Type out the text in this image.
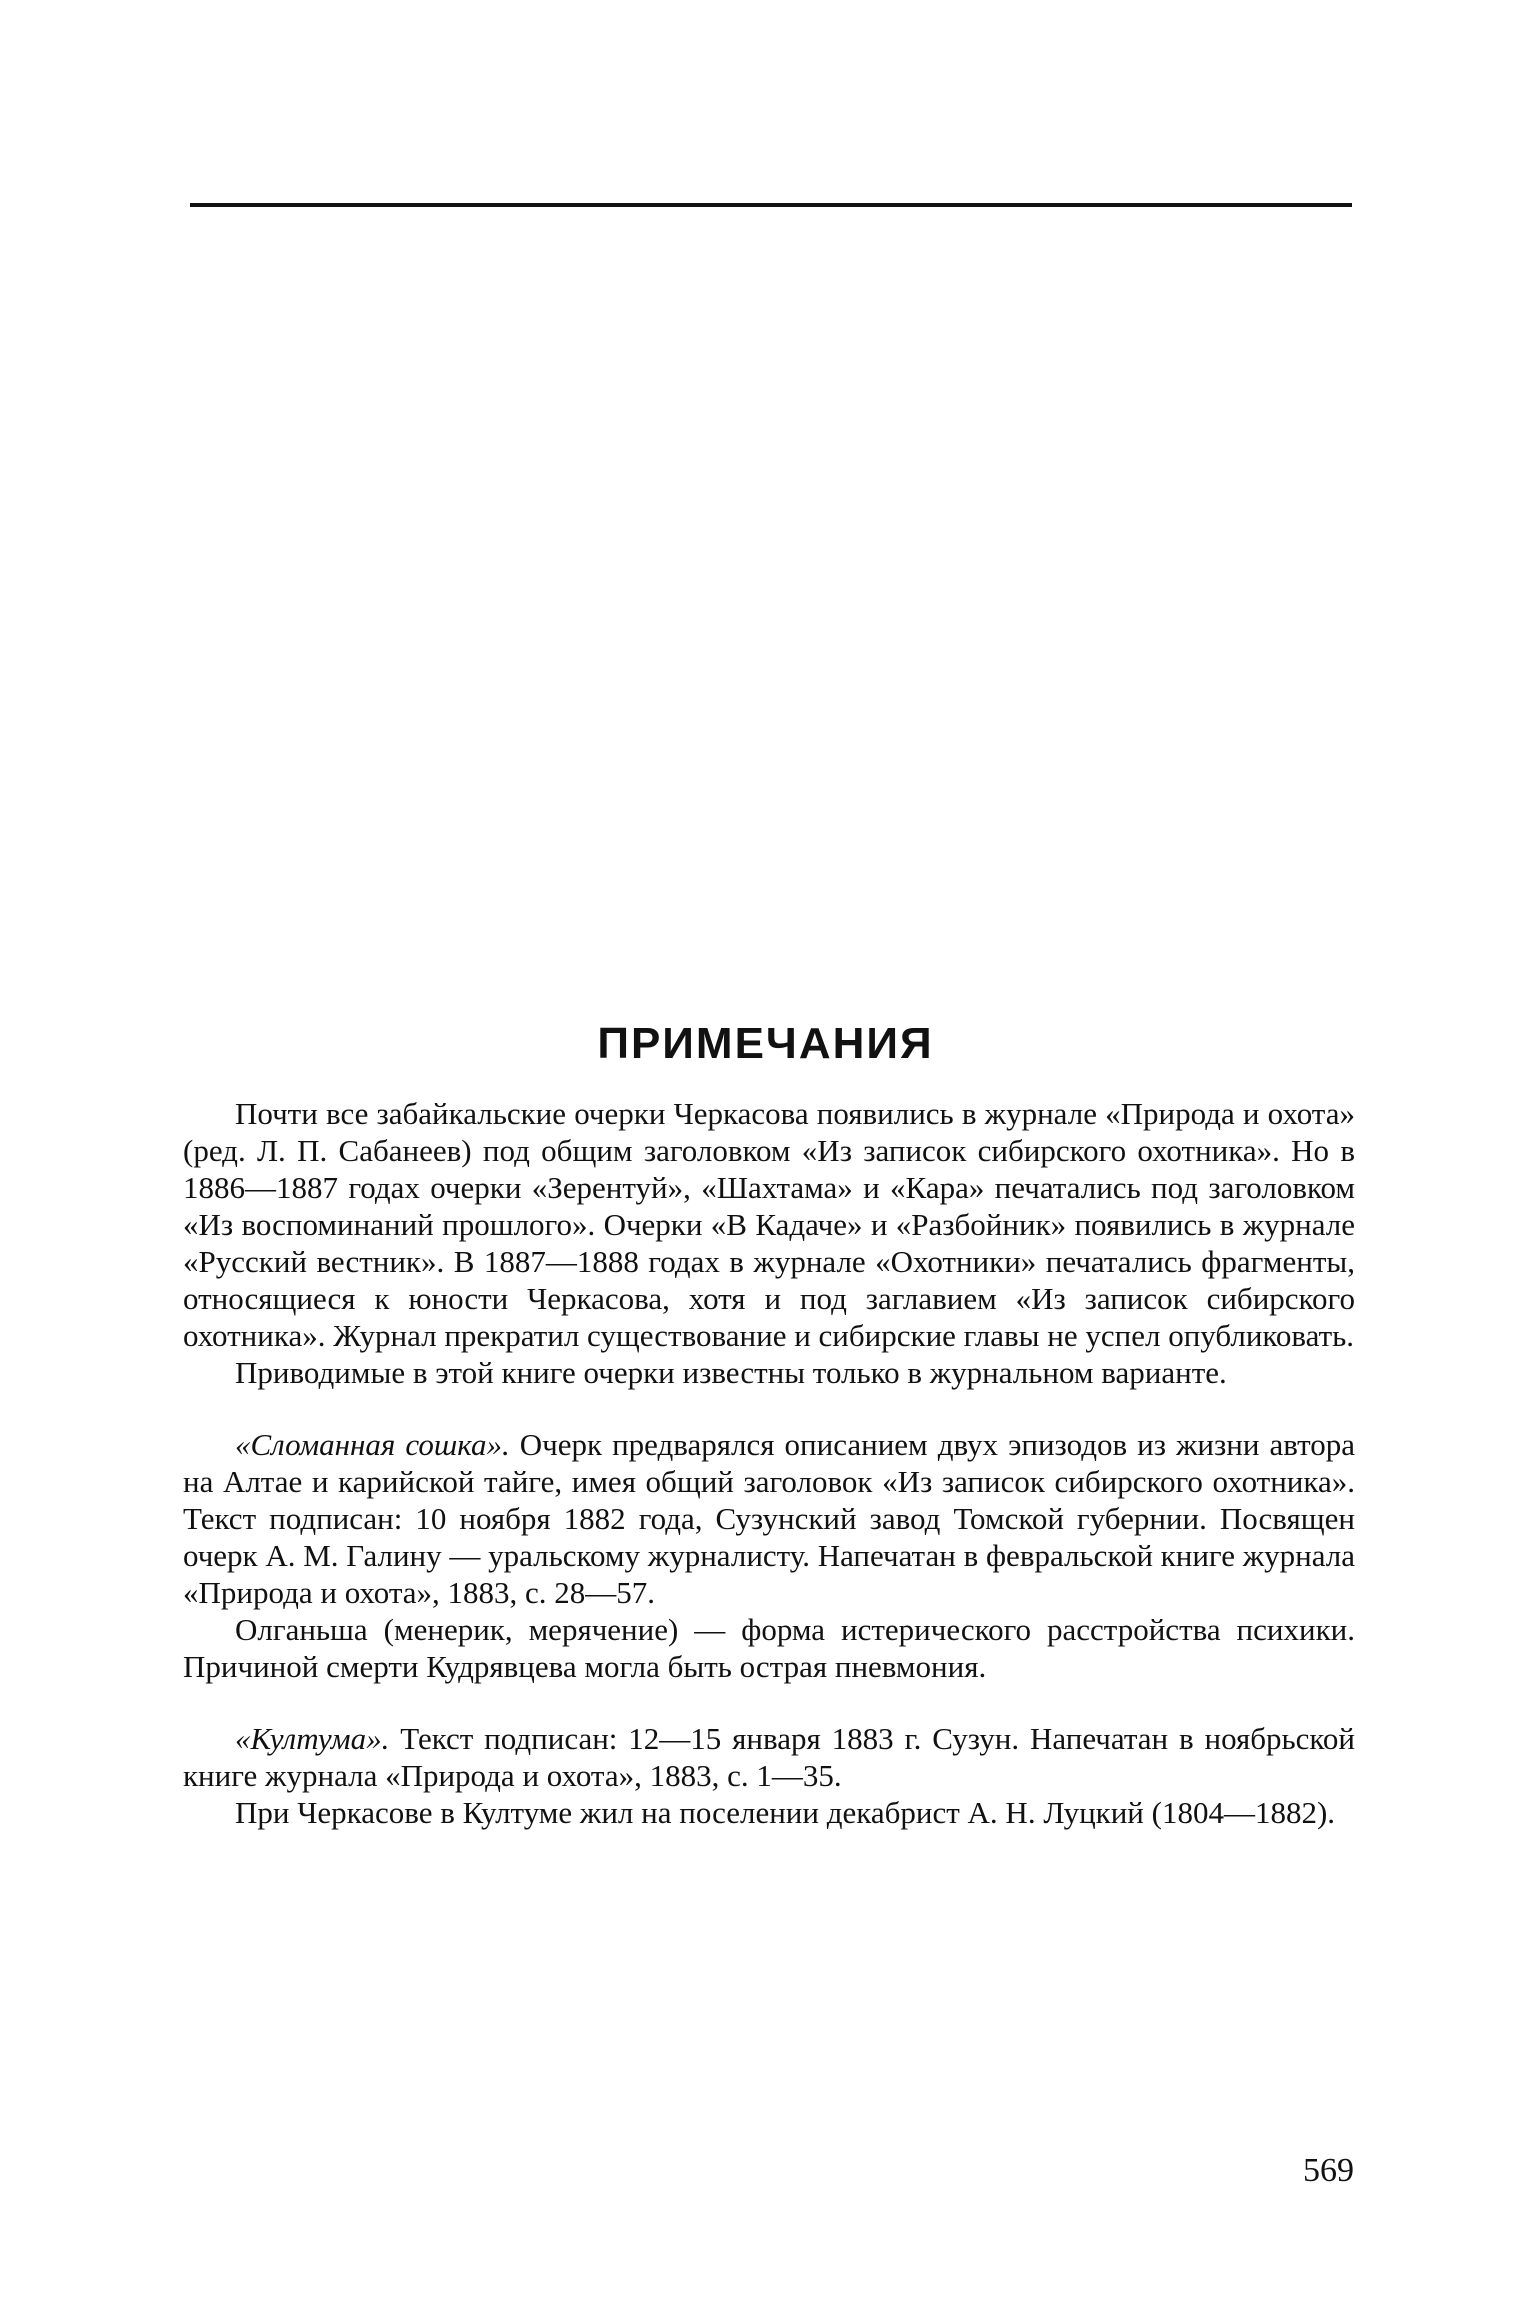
ПРИМЕЧАНИЯ

Почти все забайкальские очерки Черкасова появились в журнале «Природа и охота» (ред. Л. П. Сабанеев) под общим заголовком «Из записок сибирского охотника». Но в 1886—1887 годах очерки «Зерентуй», «Шахтама» и «Кара» печатались под заголовком «Из воспоминаний прошлого». Очерки «В Кадаче» и «Разбойник» появились в журнале «Русский вестник». В 1887—1888 годах в журнале «Охотники» печатались фрагменты, относящиеся к юности Черкасова, хотя и под заглавием «Из записок сибирского охотника». Журнал прекратил существование и сибирские главы не успел опубликовать.

Приводимые в этой книге очерки известны только в журнальном варианте.

«Сломанная сошка». Очерк предварялся описанием двух эпизодов из жизни автора на Алтае и карийской тайге, имея общий заголовок «Из записок сибирского охотника». Текст подписан: 10 ноября 1882 года, Сузунский завод Томской губернии. Посвящен очерк А. М. Галину — уральскому журналисту. Напечатан в февральской книге журнала «Природа и охота», 1883, с. 28—57.

Олганьша (менерик, мерячение) — форма истерического расстройства психики. Причиной смерти Кудрявцева могла быть острая пневмония.

«Култума». Текст подписан: 12—15 января 1883 г. Сузун. Напечатан в ноябрьской книге журнала «Природа и охота», 1883, с. 1—35.

При Черкасове в Култуме жил на поселении декабрист А. Н. Луцкий (1804—1882).

569
